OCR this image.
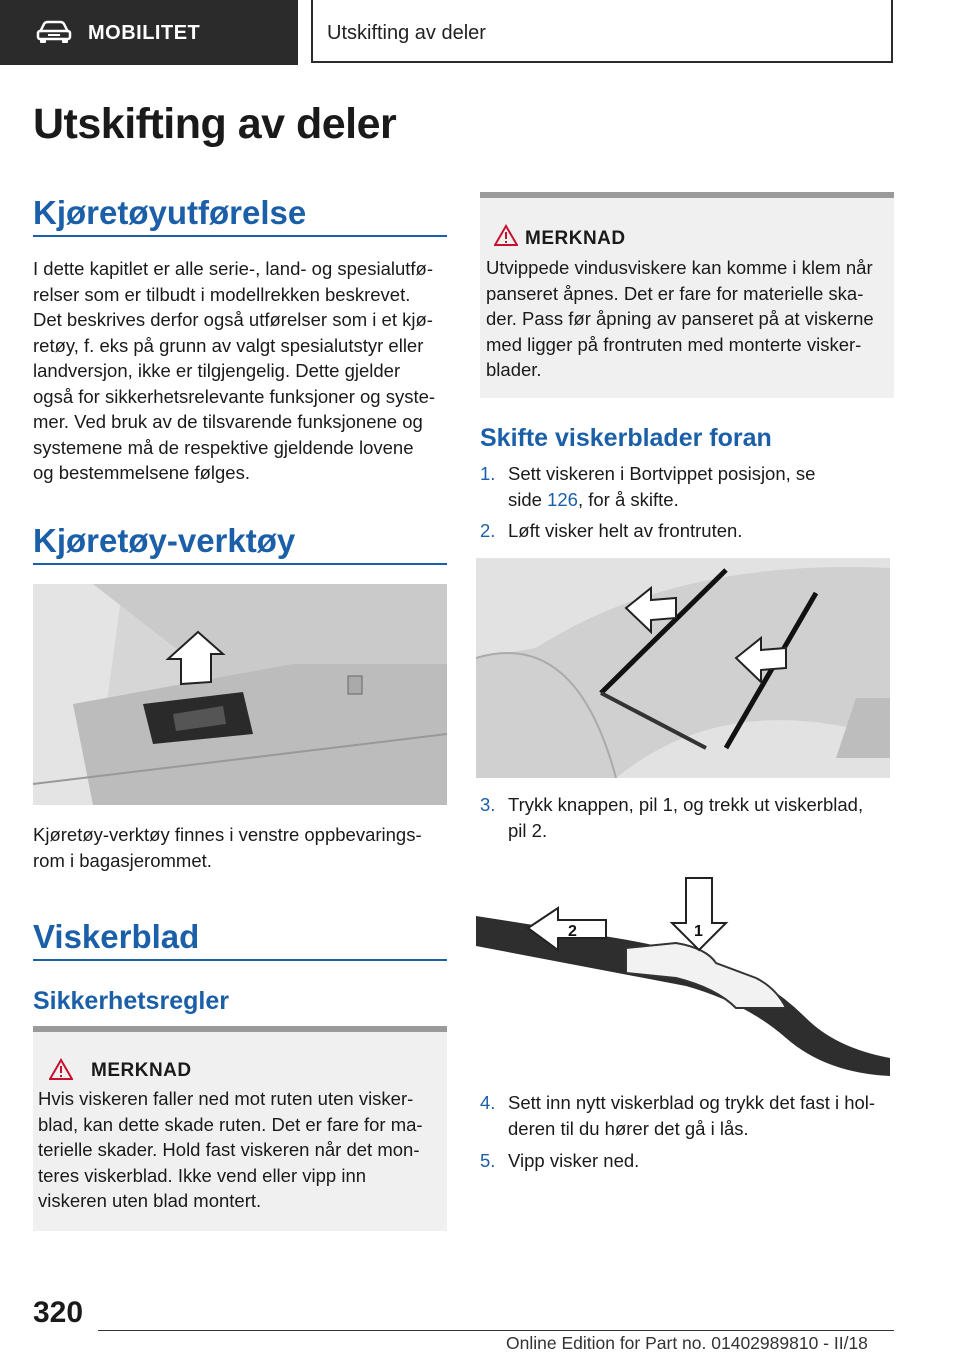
MOBILITET	Utskifting av deler
Utskifting av deler
Kjøretøyutførelse

I dette kapitlet er alle serie-, land- og spesialutfø-
relser som er tilbudt i modellrekken beskrevet.
Det beskrives derfor også utførelser som i et kjø-
retøy, f. eks på grunn av valgt spesialutstyr eller
landversjon, ikke er tilgjengelig. Dette gjelder
også for sikkerhetsrelevante funksjoner og syste-
mer. Ved bruk av de tilsvarende funksjonene og
systemene må de respektive gjeldende lovene
og bestemmelsene følges.

Kjøretøy-verktøy

Kjøretøy-verktøy finnes i venstre oppbevarings-
rom i bagasjerommet.

Viskerblad
Sikkerhetsregler
MERKNAD
Hvis viskeren faller ned mot ruten uten visker-
blad, kan dette skade ruten. Det er fare for ma-
terielle skader. Hold fast viskeren når det mon-
teres viskerblad. Ikke vend eller vipp inn
viskeren uten blad montert.
MERKNAD
Utvippede vindusviskere kan komme i klem når
panseret åpnes. Det er fare for materielle ska-
der. Pass før åpning av panseret på at viskerne
med ligger på frontruten med monterte visker-
blader.
Skifte viskerblader foran
1. Sett viskeren i Bortvippet posisjon, se
side 126, for å skifte.
2. Løft visker helt av frontruten.
3. Trykk knappen, pil 1, og trekk ut viskerblad,
pil 2.
1
2
4. Sett inn nytt viskerblad og trykk det fast i hol-
deren til du hører det gå i lås.
5. Vipp visker ned.
320
Online Edition for Part no. 01402989810 - II/18
